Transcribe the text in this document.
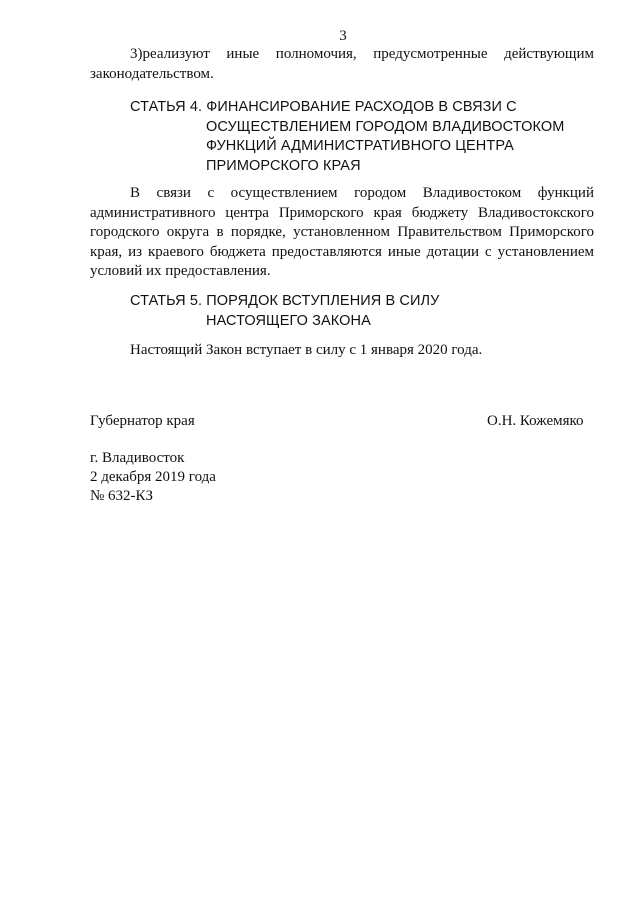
3
3)реализуют иные полномочия, предусмотренные действующим законодательством.
СТАТЬЯ 4. ФИНАНСИРОВАНИЕ РАСХОДОВ В СВЯЗИ С
ОСУЩЕСТВЛЕНИЕМ ГОРОДОМ ВЛАДИВОСТОКОМ
ФУНКЦИЙ АДМИНИСТРАТИВНОГО ЦЕНТРА
ПРИМОРСКОГО КРАЯ
В связи с осуществлением городом Владивостоком функций административного центра Приморского края бюджету Владивостокского городского округа в порядке, установленном Правительством Приморского края, из краевого бюджета предоставляются иные дотации с установлением условий их предоставления.
СТАТЬЯ 5. ПОРЯДОК ВСТУПЛЕНИЯ В СИЛУ
НАСТОЯЩЕГО ЗАКОНА
Настоящий Закон вступает в силу с 1 января 2020 года.
Губернатор края	О.Н. Кожемяко
г. Владивосток
2 декабря 2019 года
№ 632-КЗ
